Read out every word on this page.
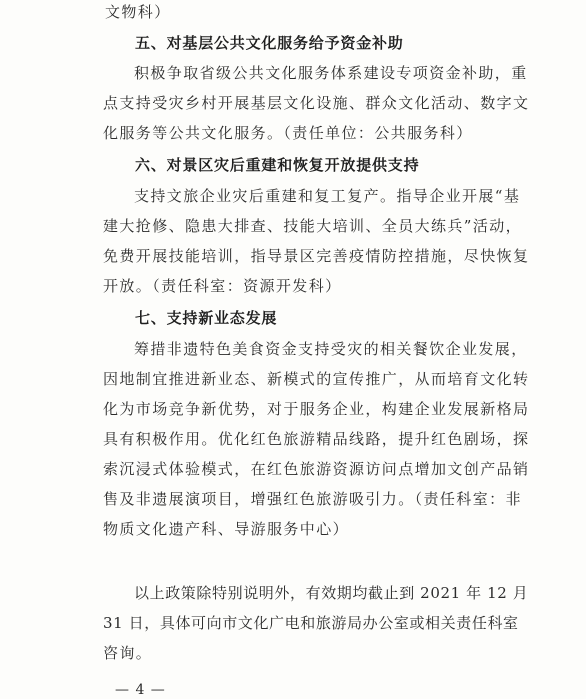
文物科）
五、对基层公共文化服务给予资金补助
积极争取省级公共文化服务体系建设专项资金补助，重
点支持受灾乡村开展基层文化设施、群众文化活动、数字文
化服务等公共文化服务。（责任单位：公共服务科）
六、对景区灾后重建和恢复开放提供支持
支持文旅企业灾后重建和复工复产。指导企业开展“基
建大抢修、隐患大排查、技能大培训、全员大练兵”活动，
免费开展技能培训，指导景区完善疫情防控措施，尽快恢复
开放。（责任科室：资源开发科）
七、支持新业态发展
筹措非遗特色美食资金支持受灾的相关餐饮企业发展，
因地制宜推进新业态、新模式的宣传推广，从而培育文化转
化为市场竞争新优势，对于服务企业，构建企业发展新格局
具有积极作用。优化红色旅游精品线路，提升红色剧场，探
索沉浸式体验模式，在红色旅游资源访问点增加文创产品销
售及非遗展演项目，增强红色旅游吸引力。（责任科室：非
物质文化遗产科、导游服务中心）
以上政策除特别说明外，有效期均截止到 2021 年 12 月
31 日，具体可向市文化广电和旅游局办公室或相关责任科室
咨询。
— 4 —
